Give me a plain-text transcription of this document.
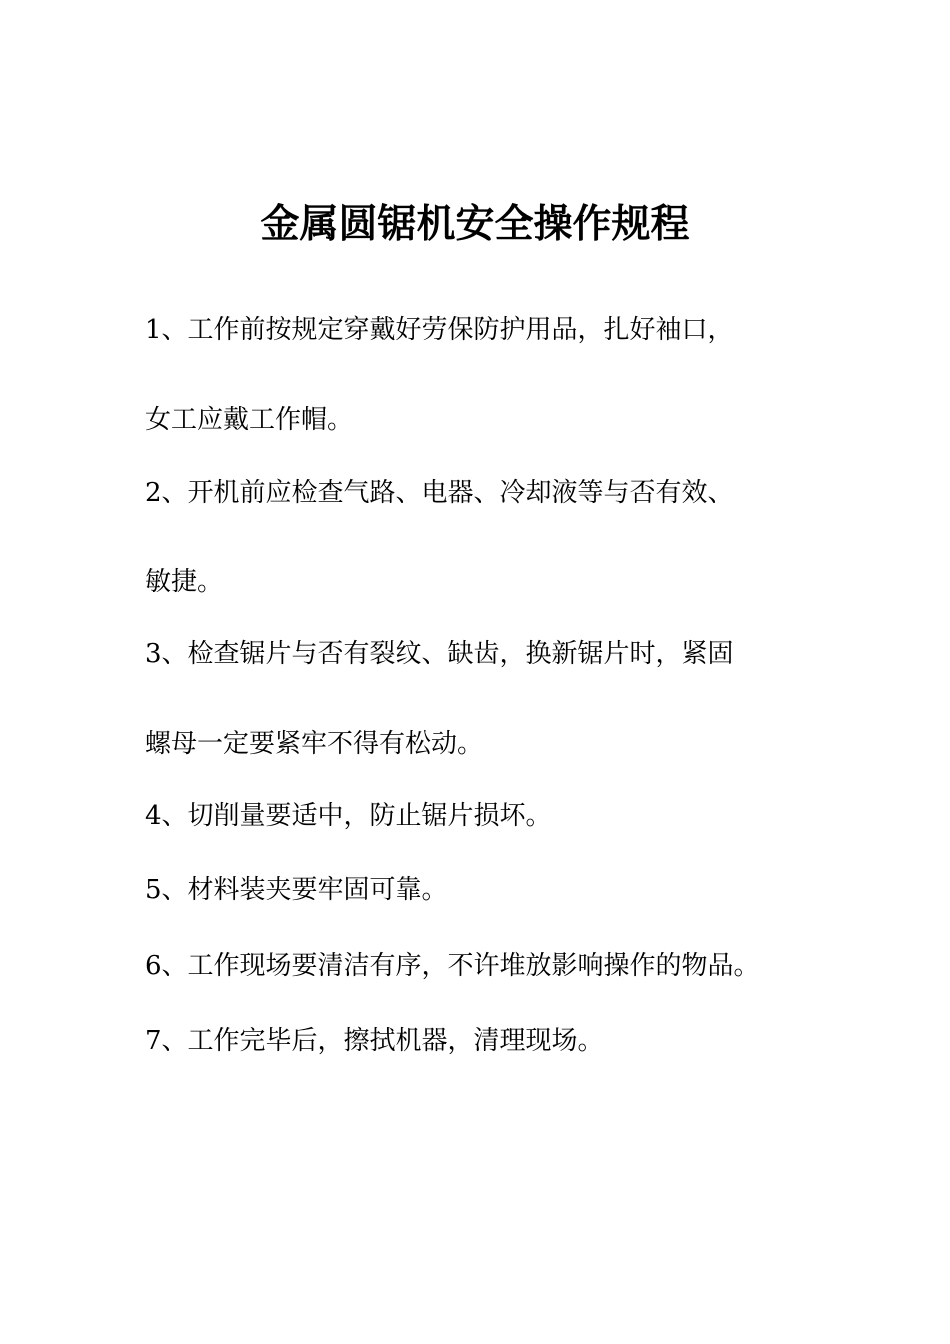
金属圆锯机安全操作规程
1、工作前按规定穿戴好劳保防护用品，扎好袖口，
女工应戴工作帽。
2、开机前应检查气路、电器、冷却液等与否有效、
敏捷。
3、检查锯片与否有裂纹、缺齿，换新锯片时，紧固
螺母一定要紧牢不得有松动。
4、切削量要适中，防止锯片损坏。
5、材料装夹要牢固可靠。
6、工作现场要清洁有序，不许堆放影响操作的物品。
7、工作完毕后，擦拭机器，清理现场。
